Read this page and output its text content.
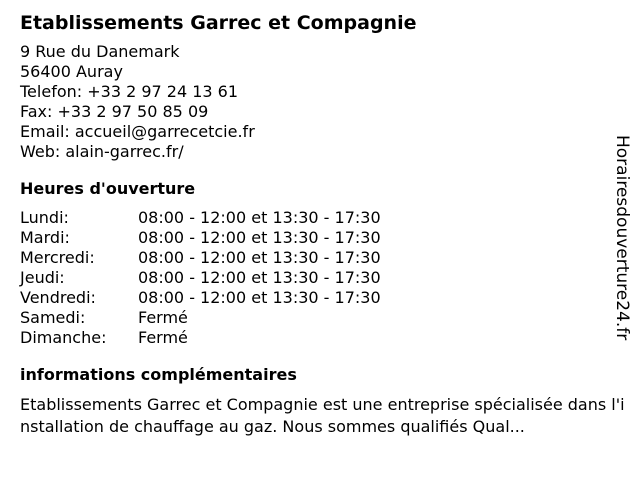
Etablissements Garrec et Compagnie
9 Rue du Danemark
56400 Auray
Telefon: +33 2 97 24 13 61
Fax: +33 2 97 50 85 09
Email: accueil@garrecetcie.fr
Web: alain-garrec.fr/
Heures d'ouverture
Lundi:	08:00 - 12:00 et 13:30 - 17:30
Mardi:	08:00 - 12:00 et 13:30 - 17:30
Mercredi:	08:00 - 12:00 et 13:30 - 17:30
Jeudi:	08:00 - 12:00 et 13:30 - 17:30
Vendredi:	08:00 - 12:00 et 13:30 - 17:30
Samedi:	Fermé
Dimanche:	Fermé
informations complémentaires

Etablissements Garrec et Compagnie est une entreprise spécialisée dans l'installation de chauffage au gaz. Nous sommes qualifiés Qual...

Horairesdouverture24.fr
